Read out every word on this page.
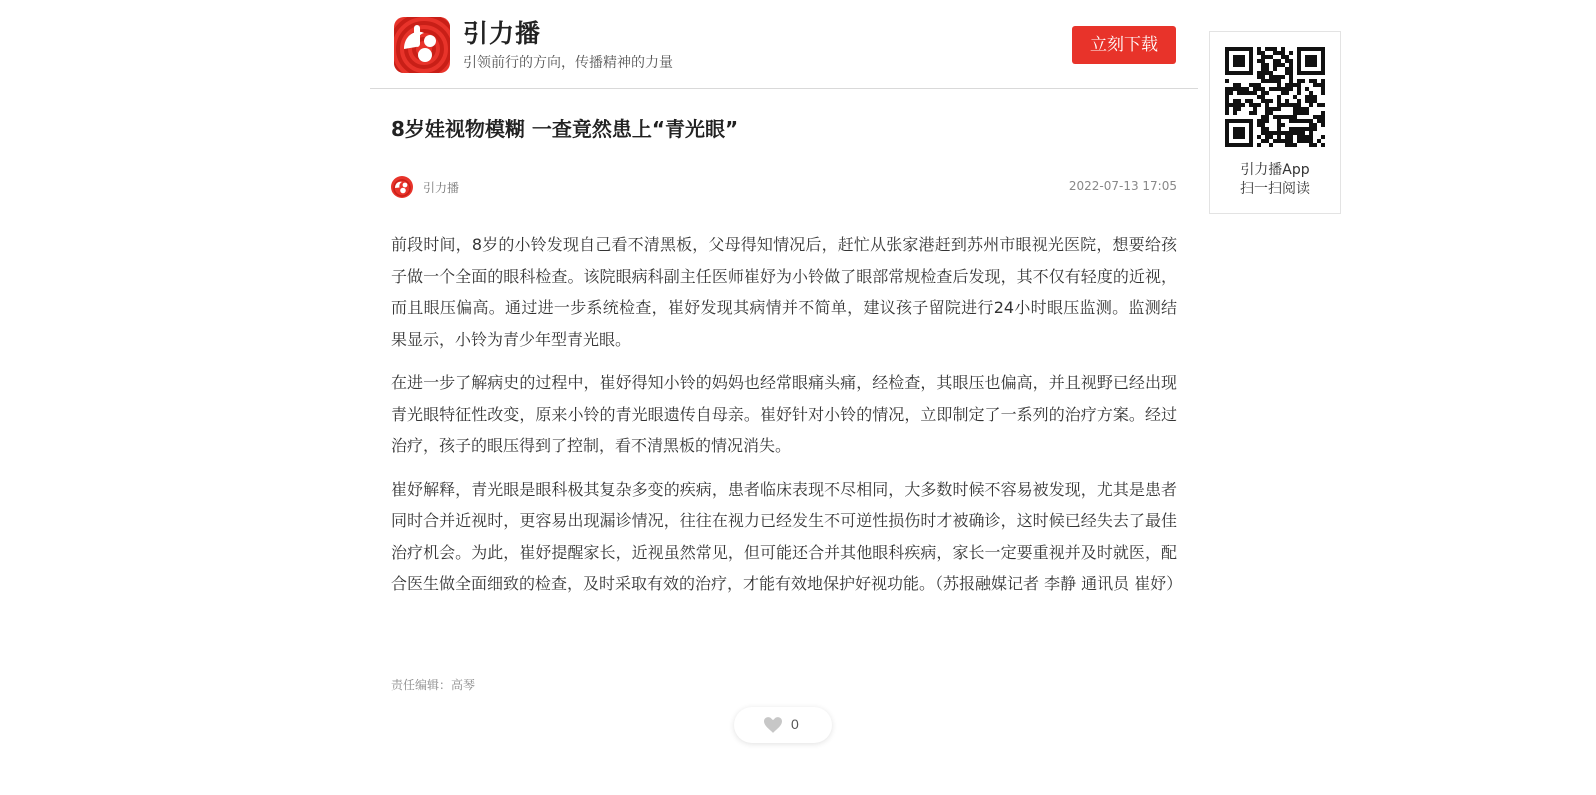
引力播
引领前行的方向，传播精神的力量
立刻下载
8岁娃视物模糊 一查竟然患上“青光眼”
引力播	2022-07-13 17:05

前段时间，8岁的小铃发现自己看不清黑板，父母得知情况后，赶忙从张家港赶到苏州市眼视光医院，想要给孩子做一个全面的眼科检查。该院眼病科副主任医师崔妤为小铃做了眼部常规检查后发现，其不仅有轻度的近视，而且眼压偏高。通过进一步系统检查，崔妤发现其病情并不简单，建议孩子留院进行24小时眼压监测。监测结果显示，小铃为青少年型青光眼。

在进一步了解病史的过程中，崔妤得知小铃的妈妈也经常眼痛头痛，经检查，其眼压也偏高，并且视野已经出现青光眼特征性改变，原来小铃的青光眼遗传自母亲。崔妤针对小铃的情况，立即制定了一系列的治疗方案。经过治疗，孩子的眼压得到了控制，看不清黑板的情况消失。

崔妤解释，青光眼是眼科极其复杂多变的疾病，患者临床表现不尽相同，大多数时候不容易被发现，尤其是患者同时合并近视时，更容易出现漏诊情况，往往在视力已经发生不可逆性损伤时才被确诊，这时候已经失去了最佳治疗机会。为此，崔妤提醒家长，近视虽然常见，但可能还合并其他眼科疾病，家长一定要重视并及时就医，配合医生做全面细致的检查，及时采取有效的治疗，才能有效地保护好视功能。（苏报融媒记者 李静 通讯员 崔妤）

责任编辑：高琴
0
引力播App
扫一扫阅读
